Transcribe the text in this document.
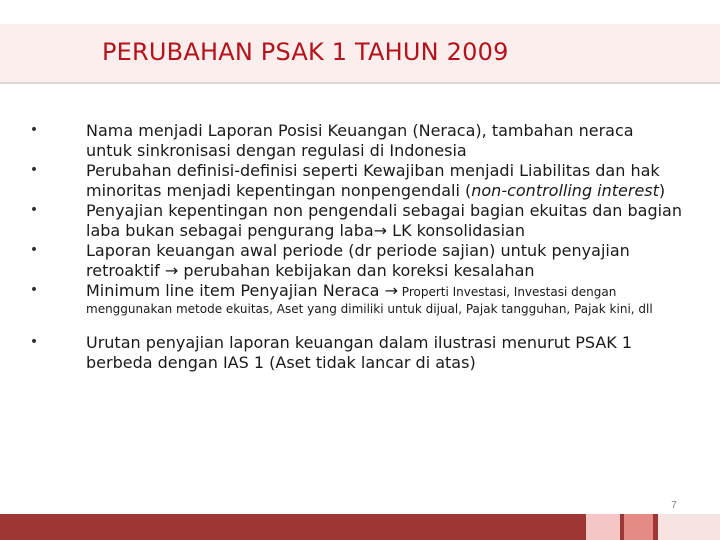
PERUBAHAN PSAK 1 TAHUN 2009
•	Nama menjadi Laporan Posisi Keuangan (Neraca), tambahan neraca untuk sinkronisasi dengan regulasi di Indonesia
•	Perubahan definisi-definisi seperti Kewajiban menjadi Liabilitas dan hak minoritas menjadi kepentingan nonpengendali (non-controlling interest)
•	Penyajian kepentingan non pengendali sebagai bagian ekuitas dan bagian laba bukan sebagai pengurang laba→ LK konsolidasian
•	Laporan keuangan awal periode (dr periode sajian) untuk penyajian retroaktif → perubahan kebijakan dan koreksi kesalahan
•	Minimum line item Penyajian Neraca → Properti Investasi, Investasi dengan
menggunakan metode ekuitas, Aset yang dimiliki untuk dijual, Pajak tangguhan, Pajak kini, dll
•	Urutan penyajian laporan keuangan dalam ilustrasi menurut PSAK 1 berbeda dengan IAS 1 (Aset tidak lancar di atas)
7
